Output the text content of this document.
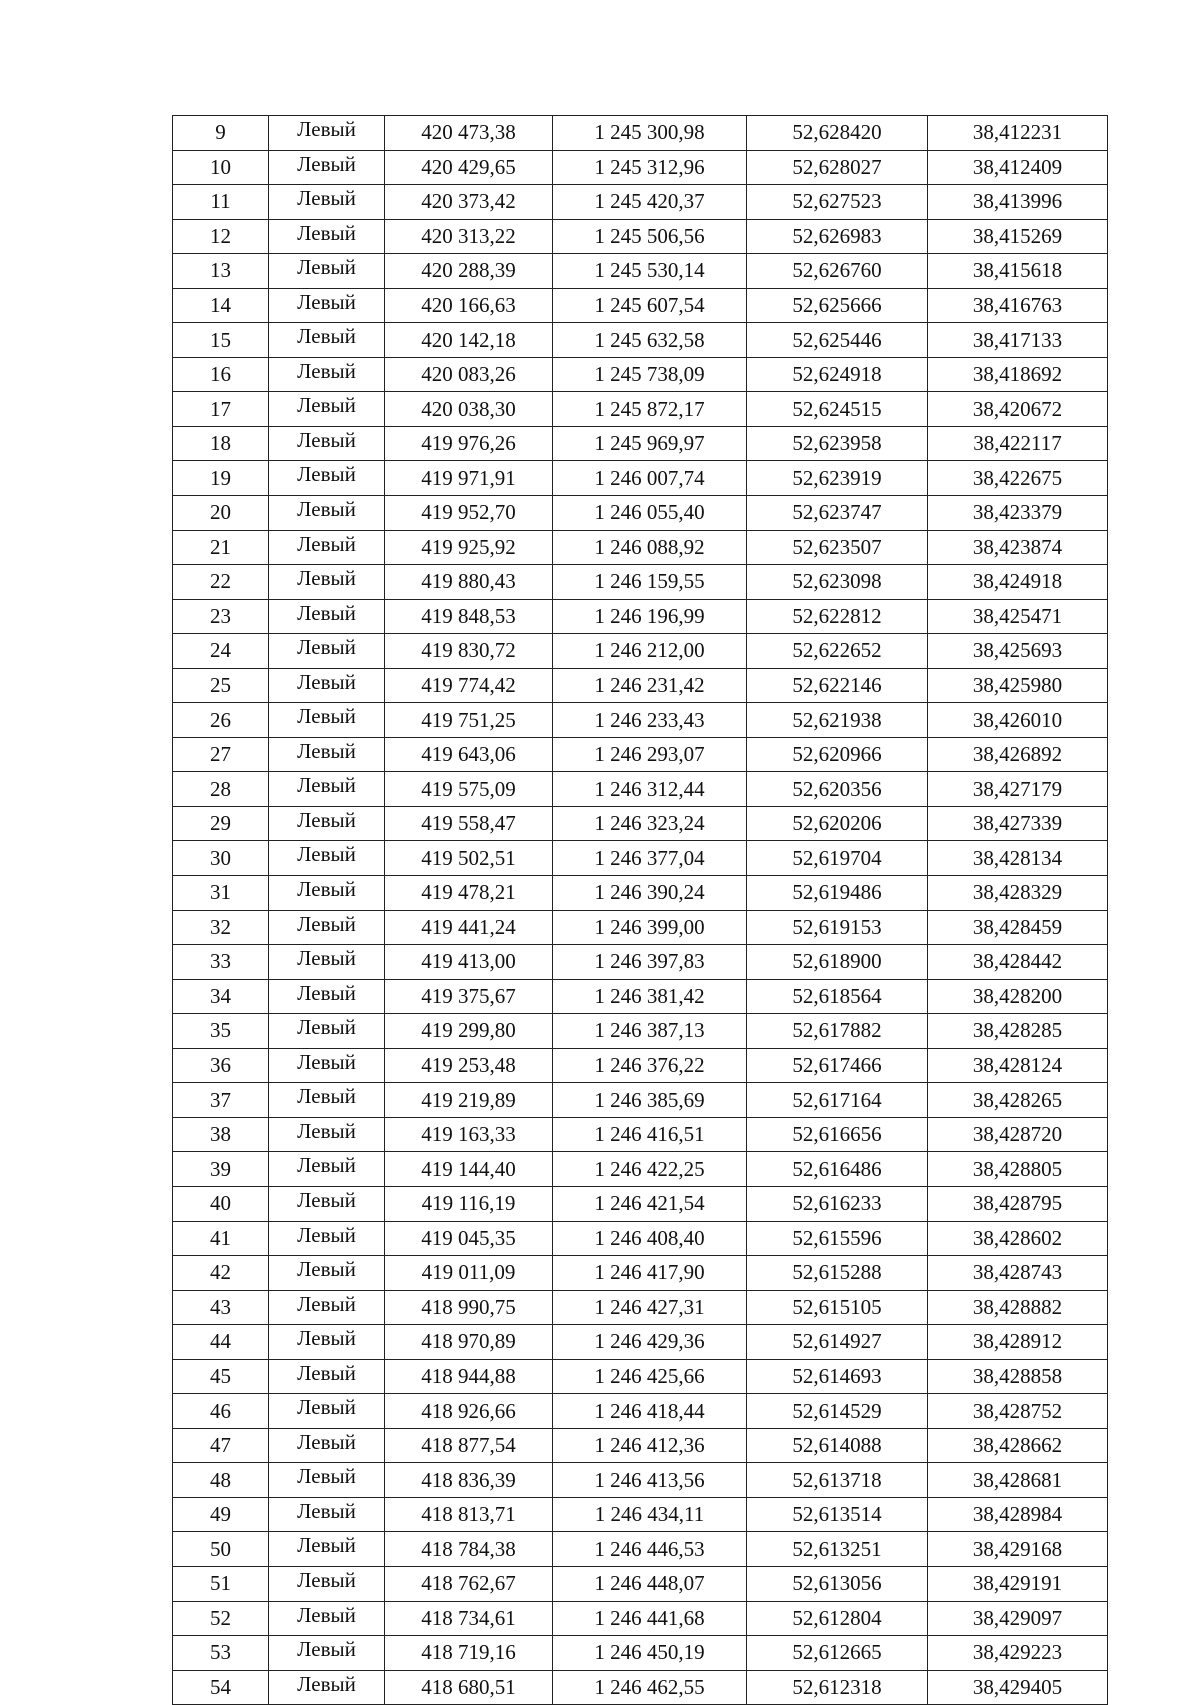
9	Левый	420 473,38	1 245 300,98	52,628420	38,412231
10	Левый	420 429,65	1 245 312,96	52,628027	38,412409
11	Левый	420 373,42	1 245 420,37	52,627523	38,413996
12	Левый	420 313,22	1 245 506,56	52,626983	38,415269
13	Левый	420 288,39	1 245 530,14	52,626760	38,415618
14	Левый	420 166,63	1 245 607,54	52,625666	38,416763
15	Левый	420 142,18	1 245 632,58	52,625446	38,417133
16	Левый	420 083,26	1 245 738,09	52,624918	38,418692
17	Левый	420 038,30	1 245 872,17	52,624515	38,420672
18	Левый	419 976,26	1 245 969,97	52,623958	38,422117
19	Левый	419 971,91	1 246 007,74	52,623919	38,422675
20	Левый	419 952,70	1 246 055,40	52,623747	38,423379
21	Левый	419 925,92	1 246 088,92	52,623507	38,423874
22	Левый	419 880,43	1 246 159,55	52,623098	38,424918
23	Левый	419 848,53	1 246 196,99	52,622812	38,425471
24	Левый	419 830,72	1 246 212,00	52,622652	38,425693
25	Левый	419 774,42	1 246 231,42	52,622146	38,425980
26	Левый	419 751,25	1 246 233,43	52,621938	38,426010
27	Левый	419 643,06	1 246 293,07	52,620966	38,426892
28	Левый	419 575,09	1 246 312,44	52,620356	38,427179
29	Левый	419 558,47	1 246 323,24	52,620206	38,427339
30	Левый	419 502,51	1 246 377,04	52,619704	38,428134
31	Левый	419 478,21	1 246 390,24	52,619486	38,428329
32	Левый	419 441,24	1 246 399,00	52,619153	38,428459
33	Левый	419 413,00	1 246 397,83	52,618900	38,428442
34	Левый	419 375,67	1 246 381,42	52,618564	38,428200
35	Левый	419 299,80	1 246 387,13	52,617882	38,428285
36	Левый	419 253,48	1 246 376,22	52,617466	38,428124
37	Левый	419 219,89	1 246 385,69	52,617164	38,428265
38	Левый	419 163,33	1 246 416,51	52,616656	38,428720
39	Левый	419 144,40	1 246 422,25	52,616486	38,428805
40	Левый	419 116,19	1 246 421,54	52,616233	38,428795
41	Левый	419 045,35	1 246 408,40	52,615596	38,428602
42	Левый	419 011,09	1 246 417,90	52,615288	38,428743
43	Левый	418 990,75	1 246 427,31	52,615105	38,428882
44	Левый	418 970,89	1 246 429,36	52,614927	38,428912
45	Левый	418 944,88	1 246 425,66	52,614693	38,428858
46	Левый	418 926,66	1 246 418,44	52,614529	38,428752
47	Левый	418 877,54	1 246 412,36	52,614088	38,428662
48	Левый	418 836,39	1 246 413,56	52,613718	38,428681
49	Левый	418 813,71	1 246 434,11	52,613514	38,428984
50	Левый	418 784,38	1 246 446,53	52,613251	38,429168
51	Левый	418 762,67	1 246 448,07	52,613056	38,429191
52	Левый	418 734,61	1 246 441,68	52,612804	38,429097
53	Левый	418 719,16	1 246 450,19	52,612665	38,429223
54	Левый	418 680,51	1 246 462,55	52,612318	38,429405
